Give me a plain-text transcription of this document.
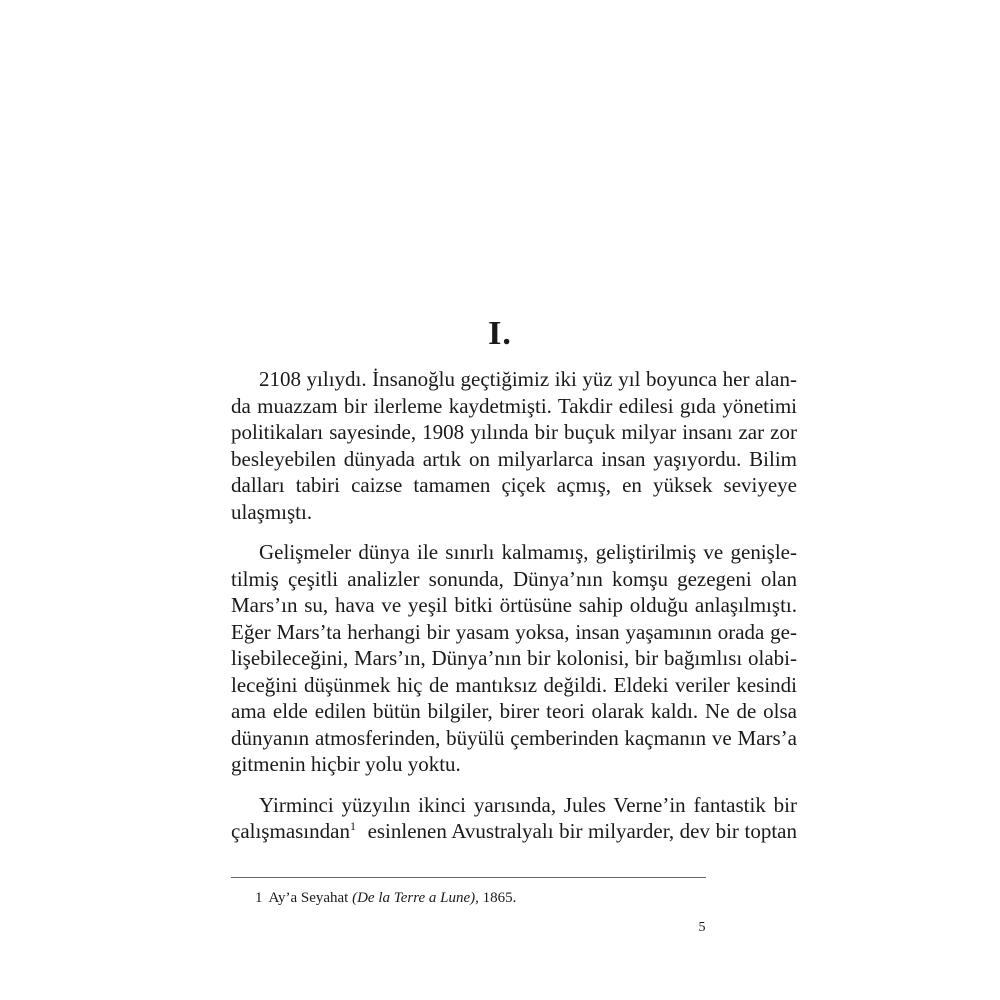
I.

2108 yılıydı. İnsanoğlu geçtiğimiz iki yüz yıl boyunca her alan-
da muazzam bir ilerleme kaydetmişti. Takdir edilesi gıda yönetimi
politikaları sayesinde, 1908 yılında bir buçuk milyar insanı zar zor
besleyebilen dünyada artık on milyarlarca insan yaşıyordu. Bilim
dalları tabiri caizse tamamen çiçek açmış, en yüksek seviyeye
ulaşmıştı.

Gelişmeler dünya ile sınırlı kalmamış, geliştirilmiş ve genişle-
tilmiş çeşitli analizler sonunda, Dünya’nın komşu gezegeni olan
Mars’ın su, hava ve yeşil bitki örtüsüne sahip olduğu anlaşılmıştı.
Eğer Mars’ta herhangi bir yasam yoksa, insan yaşamının orada ge-
lişebileceğini, Mars’ın, Dünya’nın bir kolonisi, bir bağımlısı olabi-
leceğini düşünmek hiç de mantıksız değildi. Eldeki veriler kesindi
ama elde edilen bütün bilgiler, birer teori olarak kaldı. Ne de olsa
dünyanın atmosferinden, büyülü çemberinden kaçmanın ve Mars’a
gitmenin hiçbir yolu yoktu.

Yirminci yüzyılın ikinci yarısında, Jules Verne’in fantastik bir
çalışmasından$^1$ esinlenen Avustralyalı bir milyarder, dev bir toptan

1 Ay’a Seyahat (De la Terre a Lune), 1865.
5
